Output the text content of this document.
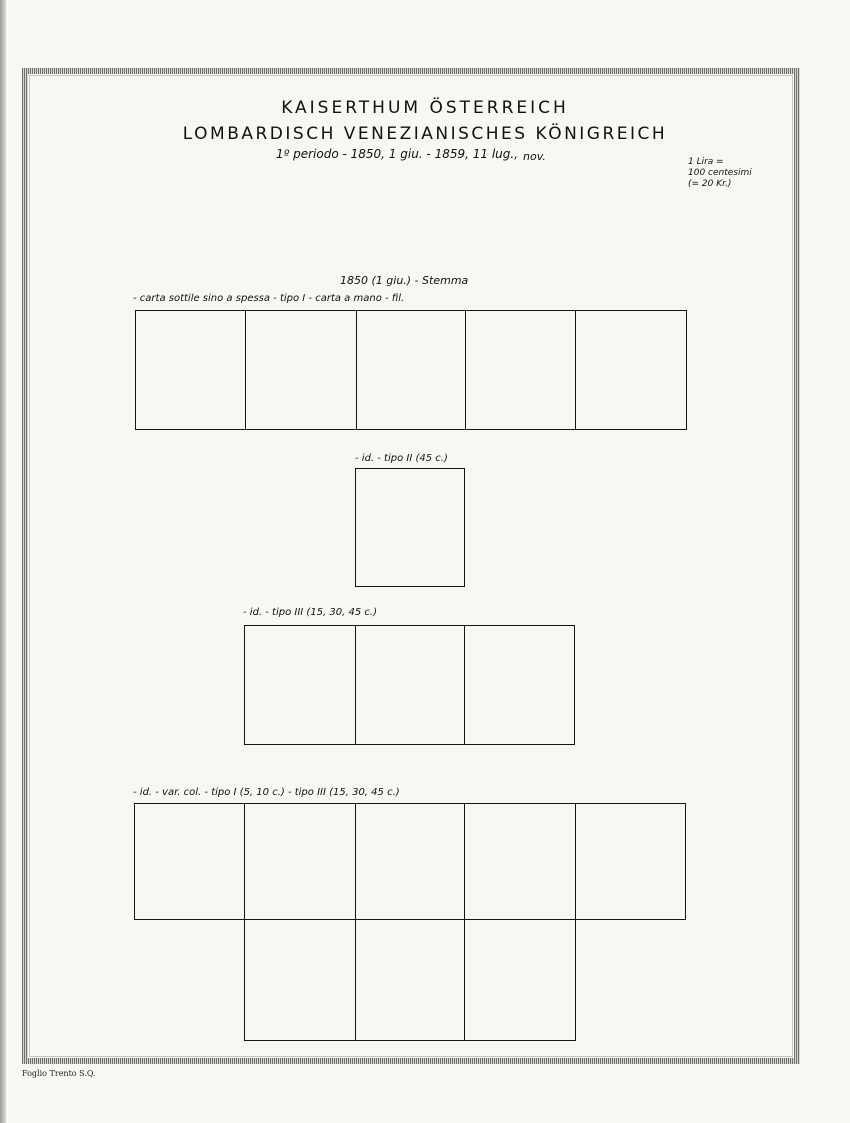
KAISERTHUM ÖSTERREICH
LOMBARDISCH VENEZIANISCHES KÖNIGREICH
1º periodo - 1850, 1 giu. - 1859, 11 lug., nov.	1 Lira =
100 centesimi
(= 20 Kr.)
1850 (1 giu.) - Stemma
- carta sottile sino a spessa - tipo I - carta a mano - fil.
- id. - tipo II (45 c.)
- id. - tipo III (15, 30, 45 c.)
- id. - var. col. - tipo I (5, 10 c.) - tipo III (15, 30, 45 c.)
Foglio Trento S.Q.
